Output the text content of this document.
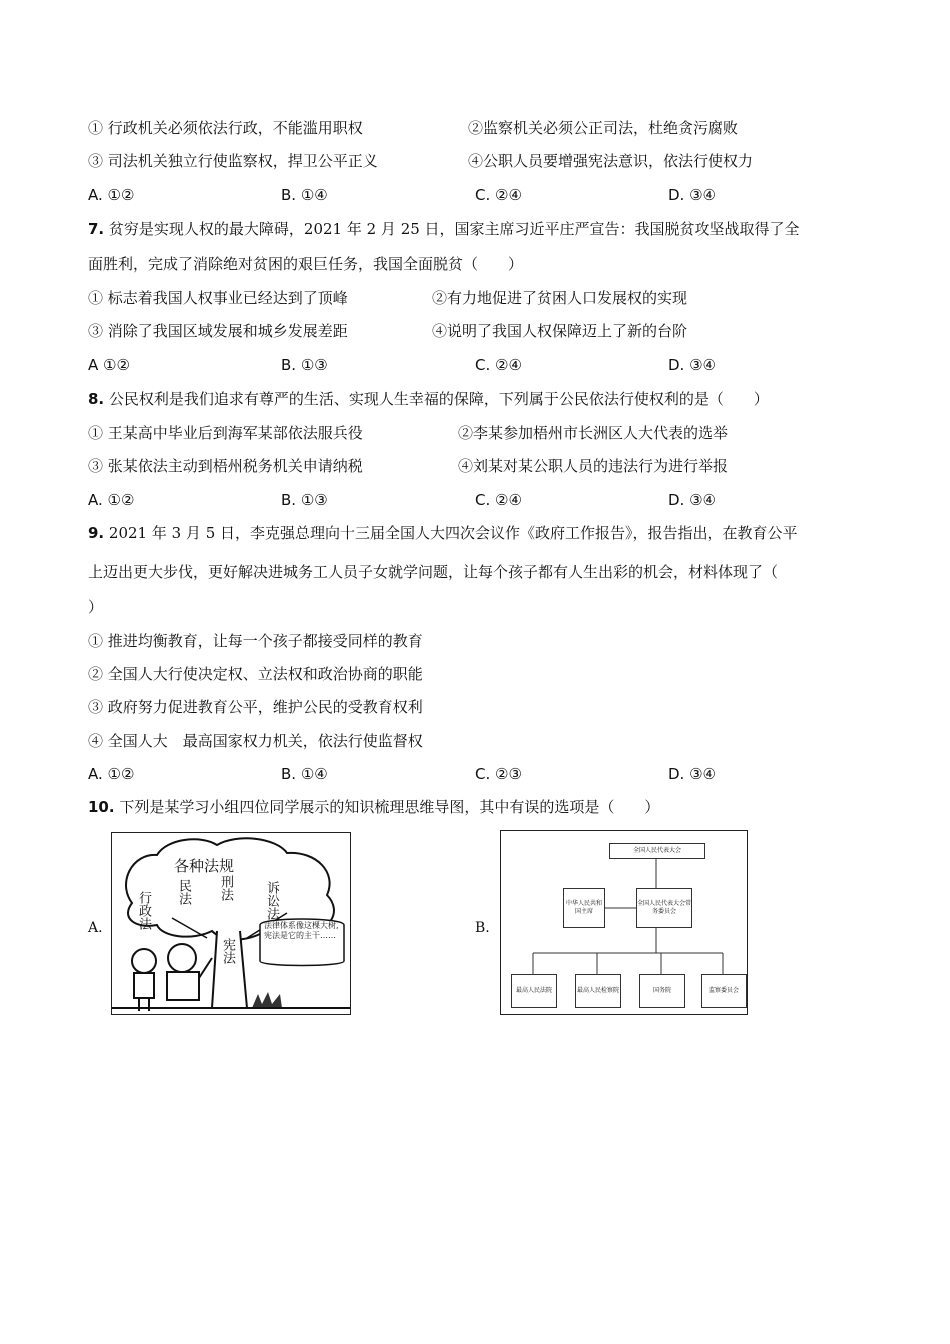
① 行政机关必须依法行政，不能滥用职权	②监察机关必须公正司法，杜绝贪污腐败
③ 司法机关独立行使监察权，捍卫公平正义	④公职人员要增强宪法意识，依法行使权力
A. ①②	B. ①④	C. ②④	D. ③④
7. 贫穷是实现人权的最大障碍，2021 年 2 月 25 日，国家主席习近平庄严宣告：我国脱贫攻坚战取得了全
面胜利，完成了消除绝对贫困的艰巨任务，我国全面脱贫（　　）
① 标志着我国人权事业已经达到了顶峰	②有力地促进了贫困人口发展权的实现
③ 消除了我国区域发展和城乡发展差距	④说明了我国人权保障迈上了新的台阶
A ①②	B. ①③	C. ②④	D. ③④
8. 公民权利是我们追求有尊严的生活、实现人生幸福的保障，下列属于公民依法行使权利的是（　　）
① 王某高中毕业后到海军某部依法服兵役	②李某参加梧州市长洲区人大代表的选举
③ 张某依法主动到梧州税务机关申请纳税	④刘某对某公职人员的违法行为进行举报
A. ①②	B. ①③	C. ②④	D. ③④
9. 2021 年 3 月 5 日，李克强总理向十三届全国人大四次会议作《政府工作报告》，报告指出，在教育公平
上迈出更大步伐，更好解决进城务工人员子女就学问题，让每个孩子都有人生出彩的机会，材料体现了（
）
① 推进均衡教育，让每一个孩子都接受同样的教育
② 全国人大行使决定权、立法权和政治协商的职能
③ 政府努力促进教育公平，维护公民的受教育权利
④ 全国人大　最高国家权力机关，依法行使监督权
A. ①②	B. ①④	C. ②③	D. ③④
10. 下列是某学习小组四位同学展示的知识梳理思维导图，其中有误的选项是（　　）
A.
各种法规
行政法 民法 刑法 诉讼法
宪法
法律体系像这棵大树,宪法是它的主干……	B.
全国人民代表大会
中华人民共和国主席
全国人民代表大会常务委员会
最高人民法院	最高人民检察院	国务院	监察委员会
